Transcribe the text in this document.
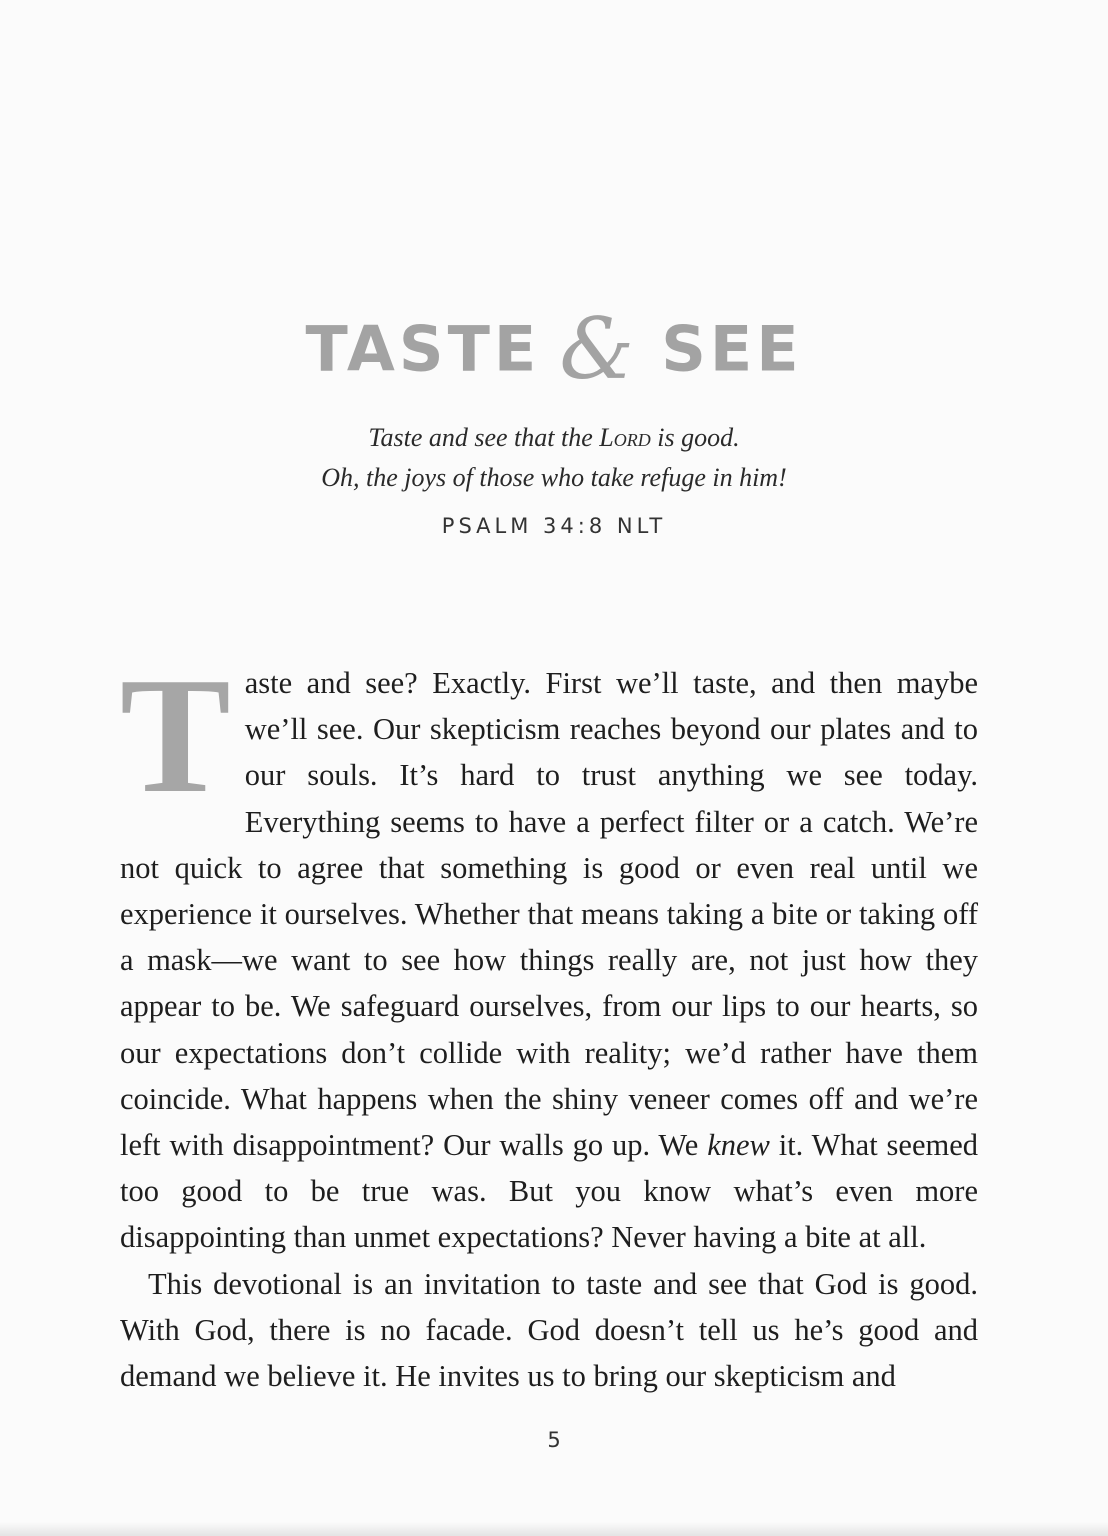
TASTE & SEE
Taste and see that the Lord is good.
Oh, the joys of those who take refuge in him!
PSALM 34:8 NLT

Taste and see? Exactly. First we’ll taste, and then maybe we’ll see. Our skepticism reaches beyond our plates and to our souls. It’s hard to trust anything we see today. Everything seems to have a perfect filter or a catch. We’re not quick to agree that something is good or even real until we experience it ourselves. Whether that means taking a bite or taking off a mask—we want to see how things really are, not just how they appear to be. We safeguard ourselves, from our lips to our hearts, so our expectations don’t collide with reality; we’d rather have them coincide. What happens when the shiny veneer comes off and we’re left with disappointment? Our walls go up. We knew it. What seemed too good to be true was. But you know what’s even more disappointing than unmet expectations? Never having a bite at all.

This devotional is an invitation to taste and see that God is good. With God, there is no facade. God doesn’t tell us he’s good and demand we believe it. He invites us to bring our skepticism and

5
